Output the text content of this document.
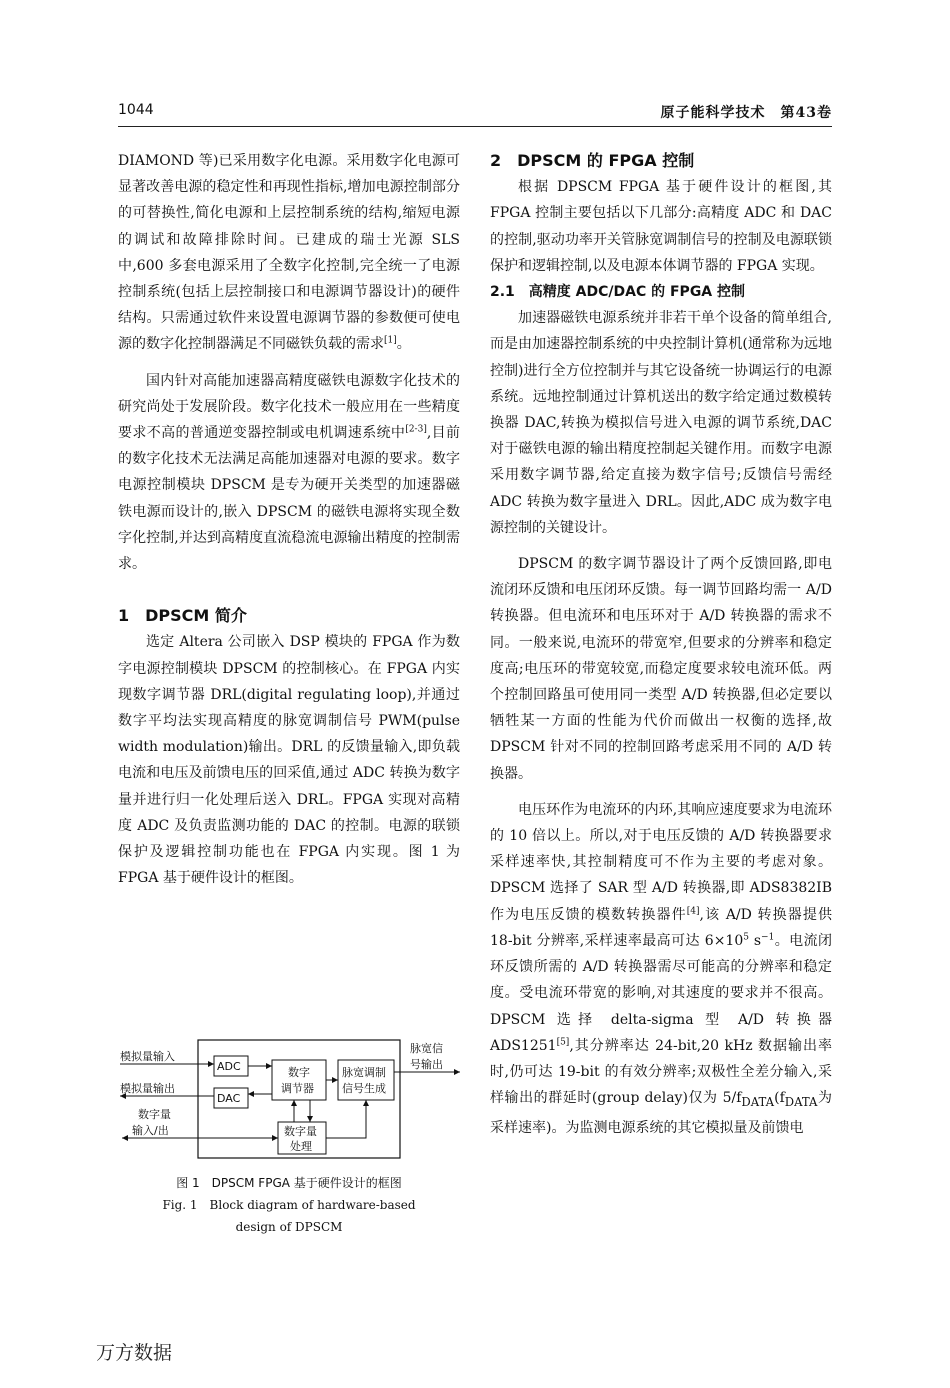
1044	原子能科学技术　第43卷

DIAMOND 等)已采用数字化电源。采用数字化电源可显著改善电源的稳定性和再现性指标,增加电源控制部分的可替换性,简化电源和上层控制系统的结构,缩短电源的调试和故障排除时间。已建成的瑞士光源 SLS 中,600 多套电源采用了全数字化控制,完全统一了电源控制系统(包括上层控制接口和电源调节器设计)的硬件结构。只需通过软件来设置电源调节器的参数便可使电源的数字化控制器满足不同磁铁负载的需求[1]。

国内针对高能加速器高精度磁铁电源数字化技术的研究尚处于发展阶段。数字化技术一般应用在一些精度要求不高的普通逆变器控制或电机调速系统中[2-3],目前的数字化技术无法满足高能加速器对电源的要求。数字电源控制模块 DPSCM 是专为硬开关类型的加速器磁铁电源而设计的,嵌入 DPSCM 的磁铁电源将实现全数字化控制,并达到高精度直流稳流电源输出精度的控制需求。

1　DPSCM 简介

选定 Altera 公司嵌入 DSP 模块的 FPGA 作为数字电源控制模块 DPSCM 的控制核心。在 FPGA 内实现数字调节器 DRL(digital regulating loop),并通过数字平均法实现高精度的脉宽调制信号 PWM(pulse width modulation)输出。DRL 的反馈量输入,即负载电流和电压及前馈电压的回采值,通过 ADC 转换为数字量并进行归一化处理后送入 DRL。FPGA 实现对高精度 ADC 及负责监测功能的 DAC 的控制。电源的联锁保护及逻辑控制功能也在 FPGA 内实现。图 1 为 FPGA 基于硬件设计的框图。

ADC
DAC
数字
调节器
脉宽调制
信号生成
数字量
处理
模拟量输入
模拟量输出
数字量
输入/出
脉宽信
号输出
图 1　DPSCM FPGA 基于硬件设计的框图
Fig. 1　Block diagram of hardware-based
design of DPSCM
2　DPSCM 的 FPGA 控制

根据 DPSCM FPGA 基于硬件设计的框图,其 FPGA 控制主要包括以下几部分:高精度 ADC 和 DAC 的控制,驱动功率开关管脉宽调制信号的控制及电源联锁保护和逻辑控制,以及电源本体调节器的 FPGA 实现。

2.1　高精度 ADC/DAC 的 FPGA 控制

加速器磁铁电源系统并非若干单个设备的简单组合,而是由加速器控制系统的中央控制计算机(通常称为远地控制)进行全方位控制并与其它设备统一协调运行的电源系统。远地控制通过计算机送出的数字给定通过数模转换器 DAC,转换为模拟信号进入电源的调节系统,DAC 对于磁铁电源的输出精度控制起关键作用。而数字电源采用数字调节器,给定直接为数字信号;反馈信号需经 ADC 转换为数字量进入 DRL。因此,ADC 成为数字电源控制的关键设计。

DPSCM 的数字调节器设计了两个反馈回路,即电流闭环反馈和电压闭环反馈。每一调节回路均需一 A/D 转换器。但电流环和电压环对于 A/D 转换器的需求不同。一般来说,电流环的带宽窄,但要求的分辨率和稳定度高;电压环的带宽较宽,而稳定度要求较电流环低。两个控制回路虽可使用同一类型 A/D 转换器,但必定要以牺牲某一方面的性能为代价而做出一权衡的选择,故 DPSCM 针对不同的控制回路考虑采用不同的 A/D 转换器。

电压环作为电流环的内环,其响应速度要求为电流环的 10 倍以上。所以,对于电压反馈的 A/D 转换器要求采样速率快,其控制精度可不作为主要的考虑对象。DPSCM 选择了 SAR 型 A/D 转换器,即 ADS8382IB 作为电压反馈的模数转换器件[4],该 A/D 转换器提供 18-bit 分辨率,采样速率最高可达 $6\times 10^5$ $s^{-1}$。电流闭环反馈所需的 A/D 转换器需尽可能高的分辨率和稳定度。受电流环带宽的影响,对其速度的要求并不很高。DPSCM 选择 delta-sigma 型 A/D 转换器 ADS1251[5],其分辨率达 24-bit,20 kHz 数据输出率时,仍可达 19-bit 的有效分辨率;双极性全差分输入,采样输出的群延时(group delay)仅为 $5/f_{DATA}(f_{DATA}$为采样速率)。为监测电源系统的其它模拟量及前馈电

万方数据
